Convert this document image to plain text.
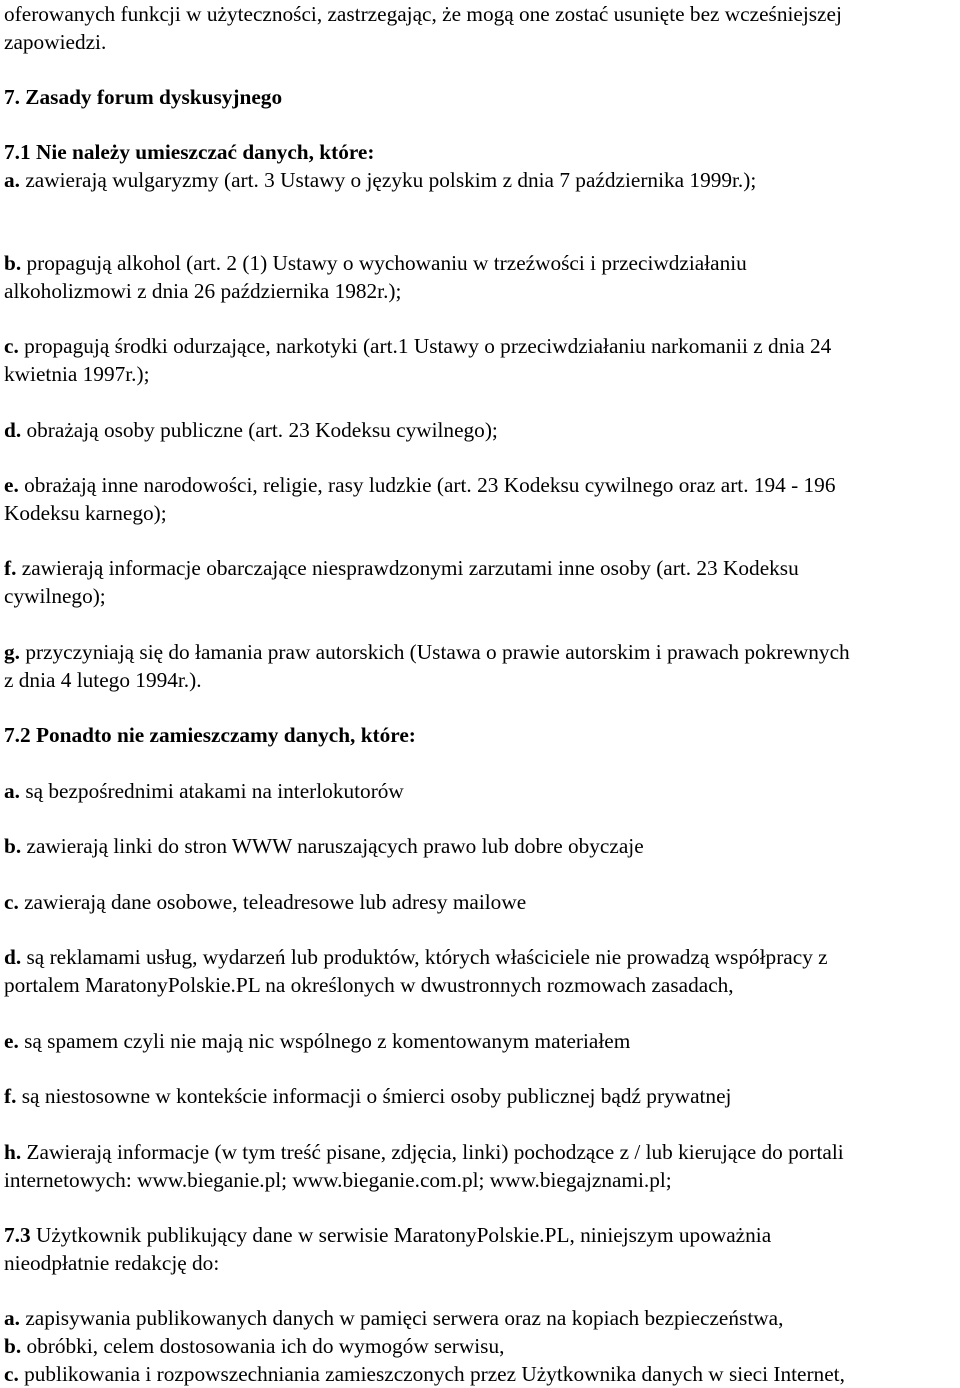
oferowanych funkcji w użyteczności, zastrzegając, że mogą one zostać usunięte bez wcześniejszej
zapowiedzi.
7. Zasady forum dyskusyjnego
7.1 Nie należy umieszczać danych, które:
a. zawierają wulgaryzmy (art. 3 Ustawy o języku polskim z dnia 7 października 1999r.);
b. propagują alkohol (art. 2 (1) Ustawy o wychowaniu w trzeźwości i przeciwdziałaniu
alkoholizmowi z dnia 26 października 1982r.);
c. propagują środki odurzające, narkotyki (art.1 Ustawy o przeciwdziałaniu narkomanii z dnia 24
kwietnia 1997r.);
d. obrażają osoby publiczne (art. 23 Kodeksu cywilnego);
e. obrażają inne narodowości, religie, rasy ludzkie (art. 23 Kodeksu cywilnego oraz art. 194 - 196
Kodeksu karnego);
f. zawierają informacje obarczające niesprawdzonymi zarzutami inne osoby (art. 23 Kodeksu
cywilnego);
g. przyczyniają się do łamania praw autorskich (Ustawa o prawie autorskim i prawach pokrewnych
z dnia 4 lutego 1994r.).
7.2 Ponadto nie zamieszczamy danych, które:
a. są bezpośrednimi atakami na interlokutorów
b. zawierają linki do stron WWW naruszających prawo lub dobre obyczaje
c. zawierają dane osobowe, teleadresowe lub adresy mailowe
d. są reklamami usług, wydarzeń lub produktów, których właściciele nie prowadzą współpracy z
portalem MaratonyPolskie.PL na określonych w dwustronnych rozmowach zasadach,
e. są spamem czyli nie mają nic wspólnego z komentowanym materiałem
f. są niestosowne w kontekście informacji o śmierci osoby publicznej bądź prywatnej
h. Zawierają informacje (w tym treść pisane, zdjęcia, linki) pochodzące z / lub kierujące do portali
internetowych: www.bieganie.pl; www.bieganie.com.pl; www.biegajznami.pl;
7.3 Użytkownik publikujący dane w serwisie MaratonyPolskie.PL, niniejszym upoważnia
nieodpłatnie redakcję do:
a. zapisywania publikowanych danych w pamięci serwera oraz na kopiach bezpieczeństwa,
b. obróbki, celem dostosowania ich do wymogów serwisu,
c. publikowania i rozpowszechniania zamieszczonych przez Użytkownika danych w sieci Internet,
